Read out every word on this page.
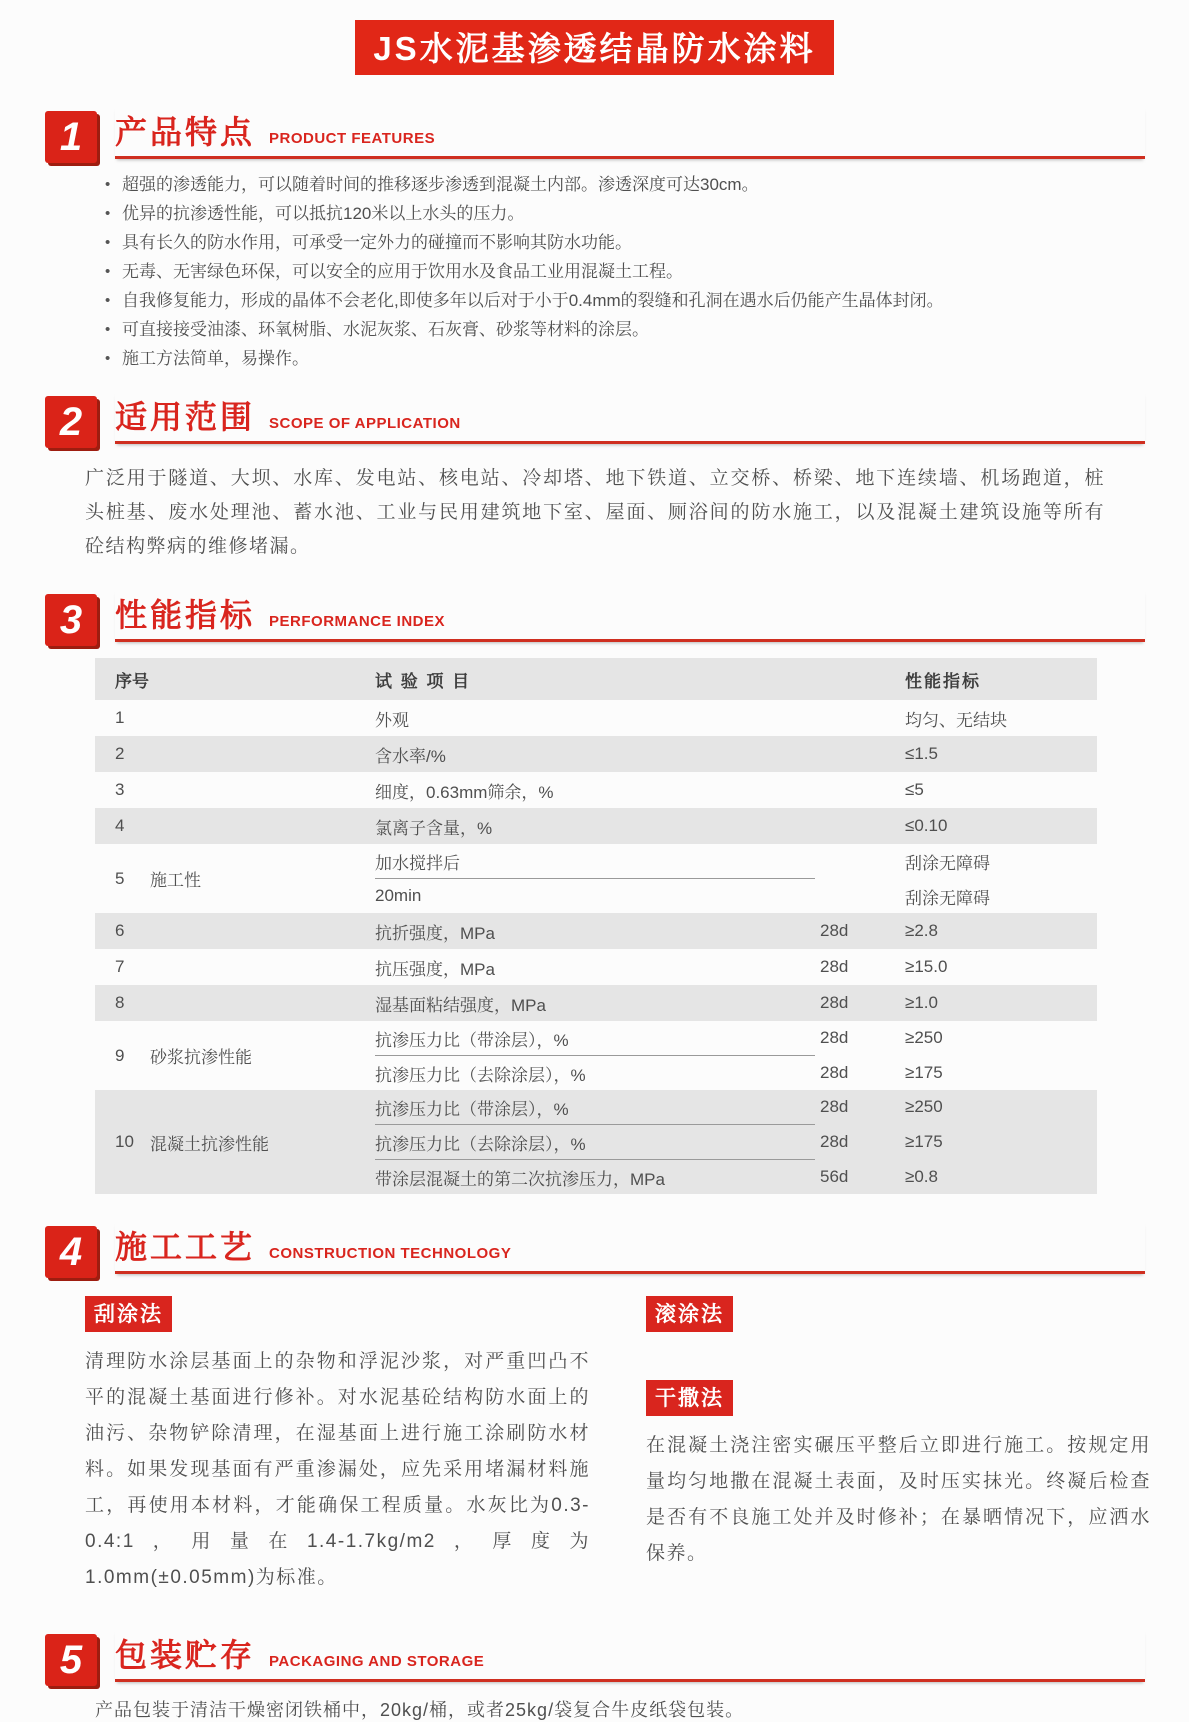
JS水泥基渗透结晶防水涂料
1	产品特点 PRODUCT FEATURES
• 超强的渗透能力，可以随着时间的推移逐步渗透到混凝土内部。渗透深度可达30cm。
• 优异的抗渗透性能，可以抵抗120米以上水头的压力。
• 具有长久的防水作用，可承受一定外力的碰撞而不影响其防水功能。
• 无毒、无害绿色环保，可以安全的应用于饮用水及食品工业用混凝土工程。
• 自我修复能力，形成的晶体不会老化,即使多年以后对于小于0.4mm的裂缝和孔洞在遇水后仍能产生晶体封闭。
• 可直接接受油漆、环氧树脂、水泥灰浆、石灰膏、砂浆等材料的涂层。
• 施工方法简单，易操作。
2	适用范围 SCOPE OF APPLICATION

广泛用于隧道、大坝、水库、发电站、核电站、冷却塔、地下铁道、立交桥、桥梁、地下连续墙、机场跑道，桩头桩基、废水处理池、蓄水池、工业与民用建筑地下室、屋面、厕浴间的防水施工，以及混凝土建筑设施等所有砼结构弊病的维修堵漏。

3	性能指标 PERFORMANCE INDEX
序号	试 验 项 目	性能指标
1	外观	均匀、无结块
2	含水率/%	≤1.5
3	细度，0.63mm筛余，%	≤5
4	氯离子含量，%	≤0.10
5	施工性
加水搅拌后	刮涂无障碍
20min	刮涂无障碍
6	抗折强度，MPa	28d	≥2.8
7	抗压强度，MPa	28d	≥15.0
8	湿基面粘结强度，MPa	28d	≥1.0
9	砂浆抗渗性能
抗渗压力比（带涂层），%	28d	≥250
抗渗压力比（去除涂层），%	28d	≥175
10 混凝土抗渗性能
抗渗压力比（带涂层），%	28d	≥250
抗渗压力比（去除涂层），%	28d	≥175
带涂层混凝土的第二次抗渗压力，MPa	56d	≥0.8
4	施工工艺 CONSTRUCTION TECHNOLOGY
刮涂法

清理防水涂层基面上的杂物和浮泥沙浆，对严重凹凸不平的混凝土基面进行修补。对水泥基砼结构防水面上的油污、杂物铲除清理，在湿基面上进行施工涂刷防水材料。如果发现基面有严重渗漏处，应先采用堵漏材料施工，再使用本材料，才能确保工程质量。水灰比为0.3-0.4:1，用量在1.4-1.7kg/m2，厚度为1.0mm(±0.05mm)为标准。

滚涂法
干撒法

在混凝土浇注密实碾压平整后立即进行施工。按规定用量均匀地撒在混凝土表面，及时压实抹光。终凝后检查是否有不良施工处并及时修补；在暴晒情况下，应洒水保养。

5	包装贮存 PACKAGING AND STORAGE

产品包装于清洁干燥密闭铁桶中，20kg/桶，或者25kg/袋复合牛皮纸袋包装。
